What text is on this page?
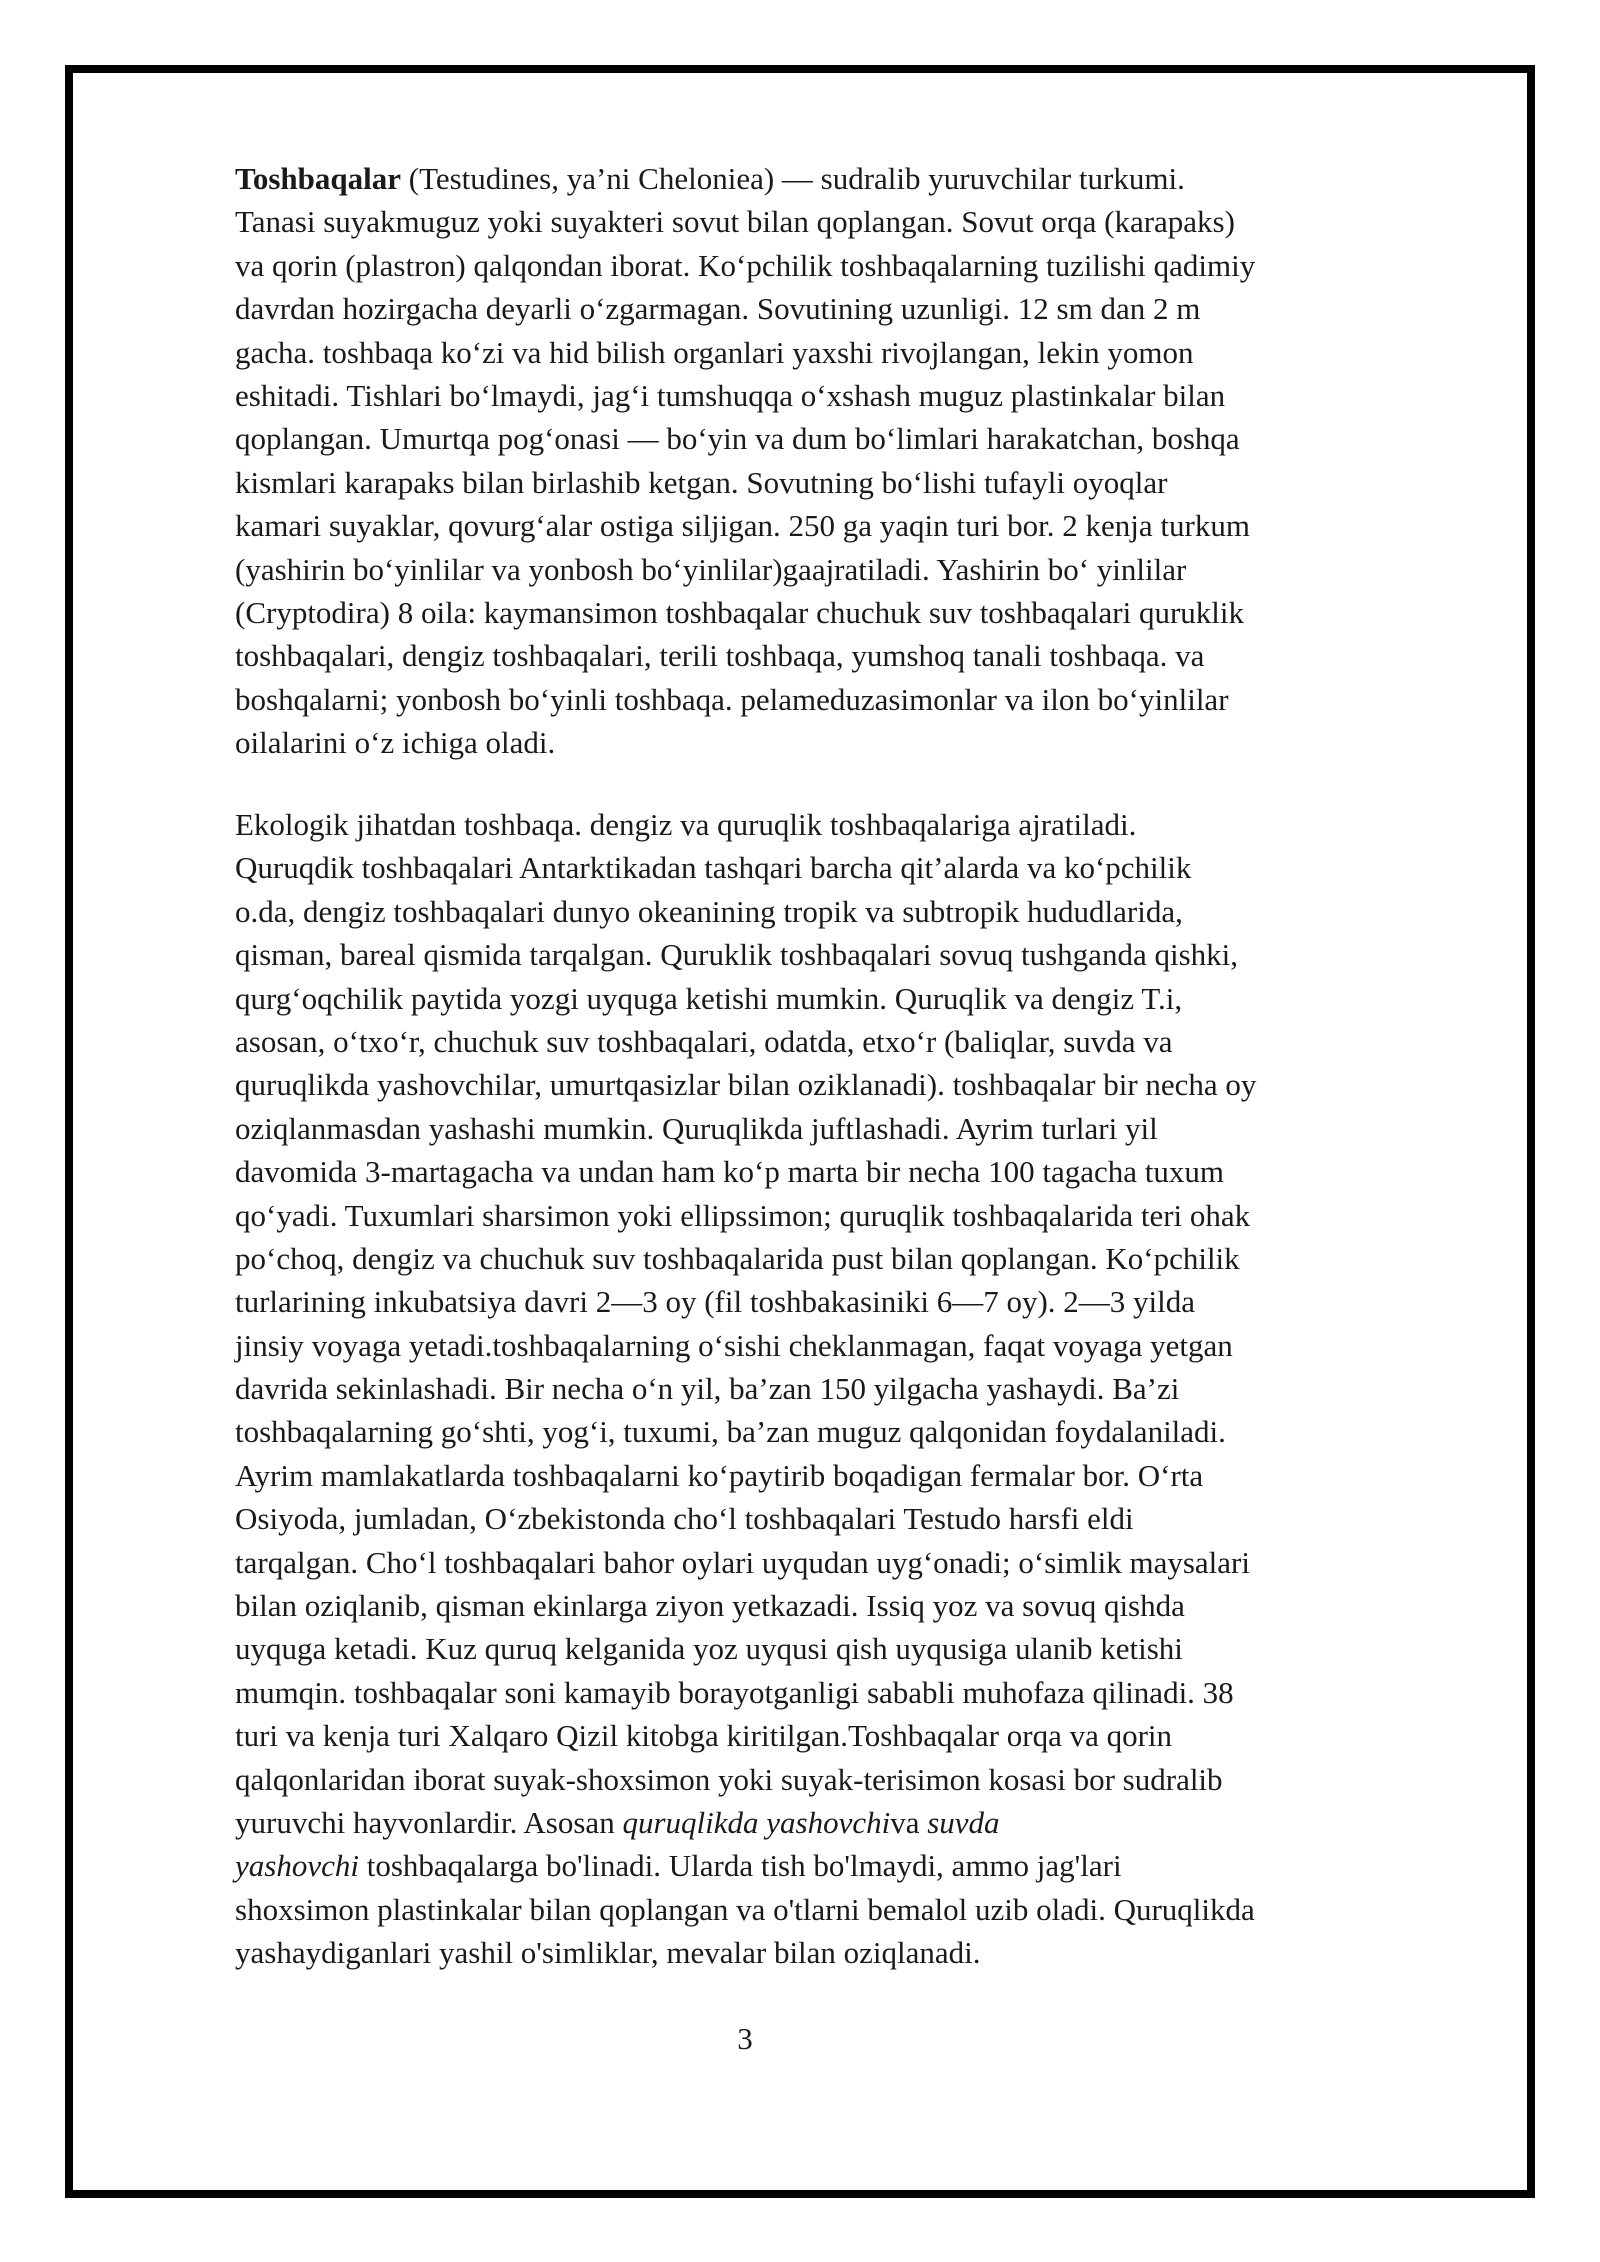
Toshbaqalar (Testudines, ya’ni Cheloniea) — sudralib yuruvchilar turkumi.
Tanasi suyakmuguz yoki suyakteri sovut bilan qoplangan. Sovut orqa (karapaks)
va qorin (plastron) qalqondan iborat. Koʻpchilik toshbaqalarning tuzilishi qadimiy
davrdan hozirgacha deyarli oʻzgarmagan. Sovutining uzunligi. 12 sm dan 2 m
gacha. toshbaqa koʻzi va hid bilish organlari yaxshi rivojlangan, lekin yomon
eshitadi. Tishlari boʻlmaydi, jagʻi tumshuqqa oʻxshash muguz plastinkalar bilan
qoplangan. Umurtqa pogʻonasi — boʻyin va dum boʻlimlari harakatchan, boshqa
kismlari karapaks bilan birlashib ketgan. Sovutning boʻlishi tufayli oyoqlar
kamari suyaklar, qovurgʻalar ostiga siljigan. 250 ga yaqin turi bor. 2 kenja turkum
(yashirin boʻyinlilar va yonbosh boʻyinlilar)gaajratiladi. Yashirin boʻ yinlilar
(Cryptodira) 8 oila: kaymansimon toshbaqalar chuchuk suv toshbaqalari quruklik
toshbaqalari, dengiz toshbaqalari, terili toshbaqa, yumshoq tanali toshbaqa. va
boshqalarni; yonbosh boʻyinli toshbaqa. pelameduzasimonlar va ilon boʻyinlilar
oilalarini oʻz ichiga oladi.
Ekologik jihatdan toshbaqa. dengiz va quruqlik toshbaqalariga ajratiladi.
Quruqdik toshbaqalari Antarktikadan tashqari barcha qit’alarda va koʻpchilik
o.da, dengiz toshbaqalari dunyo okeanining tropik va subtropik hududlarida,
qisman, bareal qismida tarqalgan. Quruklik toshbaqalari sovuq tushganda qishki,
qurgʻoqchilik paytida yozgi uyquga ketishi mumkin. Quruqlik va dengiz T.i,
asosan, oʻtxoʻr, chuchuk suv toshbaqalari, odatda, etxoʻr (baliqlar, suvda va
quruqlikda yashovchilar, umurtqasizlar bilan oziklanadi). toshbaqalar bir necha oy
oziqlanmasdan yashashi mumkin. Quruqlikda juftlashadi. Ayrim turlari yil
davomida 3-martagacha va undan ham koʻp marta bir necha 100 tagacha tuxum
qoʻyadi. Tuxumlari sharsimon yoki ellipssimon; quruqlik toshbaqalarida teri ohak
poʻchoq, dengiz va chuchuk suv toshbaqalarida pust bilan qoplangan. Koʻpchilik
turlarining inkubatsiya davri 2—3 oy (fil toshbakasiniki 6—7 oy). 2—3 yilda
jinsiy voyaga yetadi.toshbaqalarning oʻsishi cheklanmagan, faqat voyaga yetgan
davrida sekinlashadi. Bir necha oʻn yil, ba’zan 150 yilgacha yashaydi. Ba’zi
toshbaqalarning goʻshti, yogʻi, tuxumi, ba’zan muguz qalqonidan foydalaniladi.
Ayrim mamlakatlarda toshbaqalarni koʻpaytirib boqadigan fermalar bor. Oʻrta
Osiyoda, jumladan, Oʻzbekistonda choʻl toshbaqalari Testudo harsfi eldi
tarqalgan. Choʻl toshbaqalari bahor oylari uyqudan uygʻonadi; oʻsimlik maysalari
bilan oziqlanib, qisman ekinlarga ziyon yetkazadi. Issiq yoz va sovuq qishda
uyquga ketadi. Kuz quruq kelganida yoz uyqusi qish uyqusiga ulanib ketishi
mumqin. toshbaqalar soni kamayib borayotganligi sababli muhofaza qilinadi. 38
turi va kenja turi Xalqaro Qizil kitobga kiritilgan.Toshbaqalar orqa va qorin
qalqonlaridan iborat suyak-shoxsimon yoki suyak-terisimon kosasi bor sudralib
yuruvchi hayvonlardir. Asosan quruqlikda yashovchiva suvda
yashovchi toshbaqalarga bo'linadi. Ularda tish bo'lmaydi, ammo jag'lari
shoxsimon plastinkalar bilan qoplangan va o'tlarni bemalol uzib oladi. Quruqlikda
yashaydiganlari yashil o'simliklar, mevalar bilan oziqlanadi.
3
